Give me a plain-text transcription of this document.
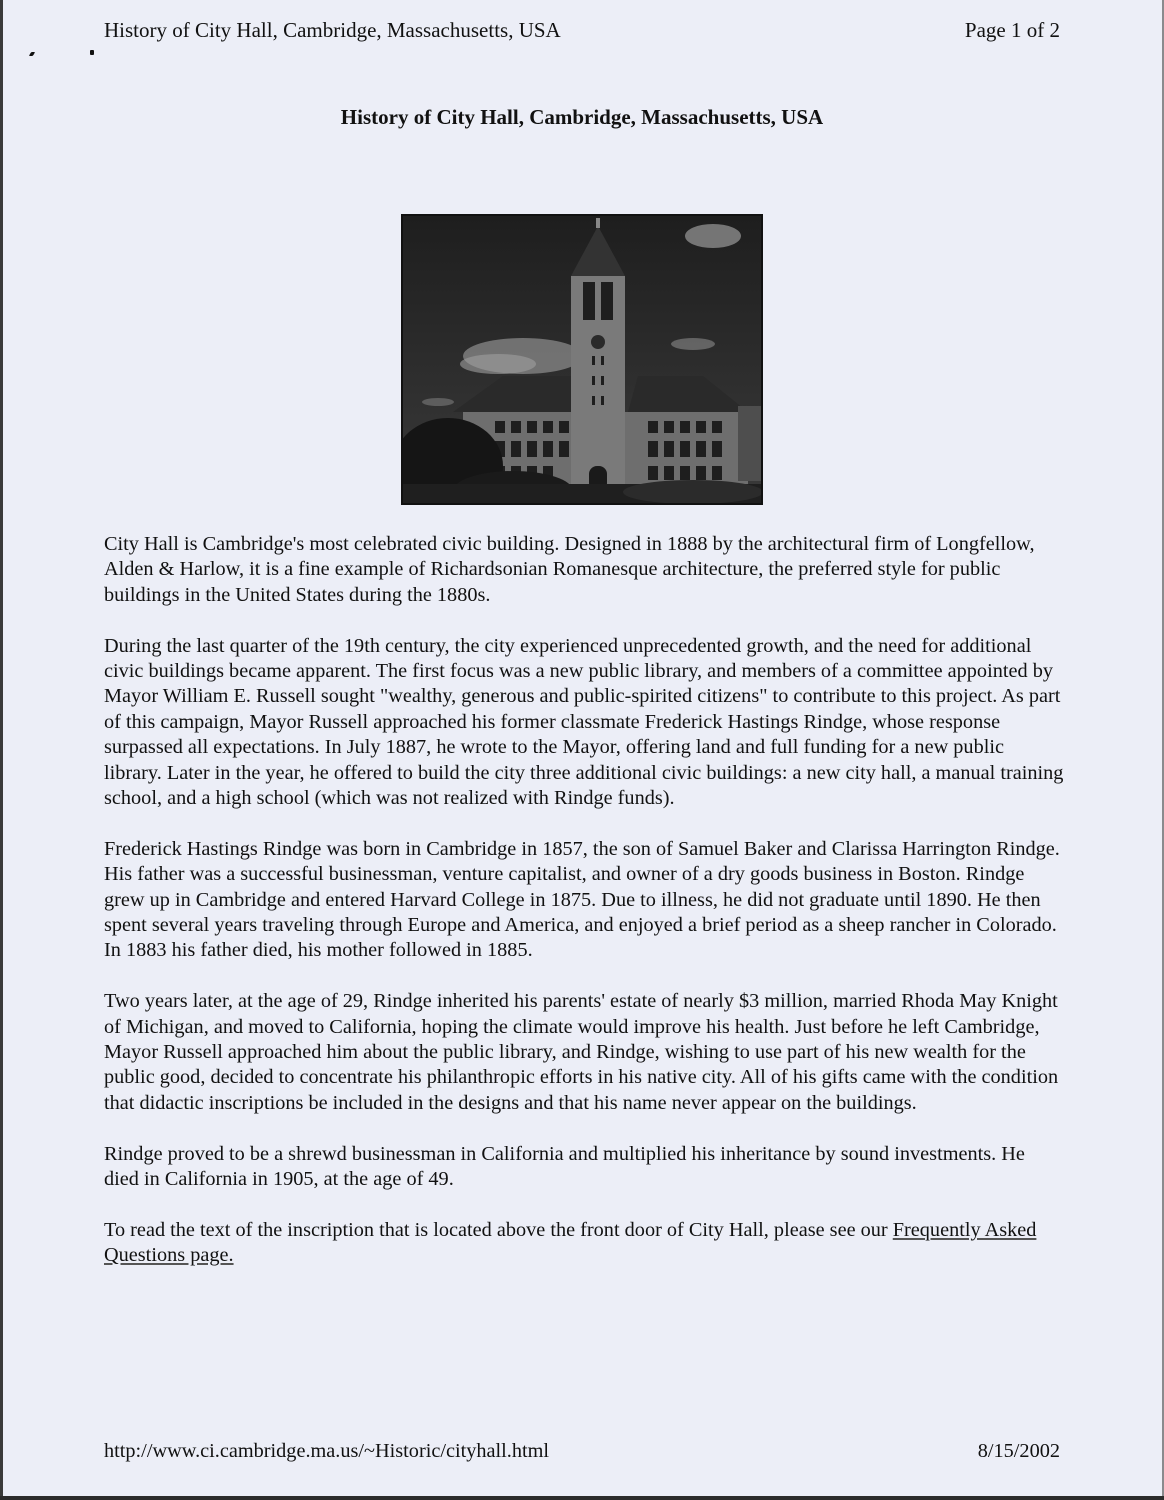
History of City Hall, Cambridge, Massachusetts, USA	Page 1 of 2
History of City Hall, Cambridge, Massachusetts, USA

City Hall is Cambridge's most celebrated civic building. Designed in 1888 by the architectural firm of Longfellow, Alden & Harlow, it is a fine example of Richardsonian Romanesque architecture, the preferred style for public buildings in the United States during the 1880s.

During the last quarter of the 19th century, the city experienced unprecedented growth, and the need for additional civic buildings became apparent. The first focus was a new public library, and members of a committee appointed by Mayor William E. Russell sought "wealthy, generous and public-spirited citizens" to contribute to this project. As part of this campaign, Mayor Russell approached his former classmate Frederick Hastings Rindge, whose response surpassed all expectations. In July 1887, he wrote to the Mayor, offering land and full funding for a new public library. Later in the year, he offered to build the city three additional civic buildings: a new city hall, a manual training school, and a high school (which was not realized with Rindge funds).

Frederick Hastings Rindge was born in Cambridge in 1857, the son of Samuel Baker and Clarissa Harrington Rindge. His father was a successful businessman, venture capitalist, and owner of a dry goods business in Boston. Rindge grew up in Cambridge and entered Harvard College in 1875. Due to illness, he did not graduate until 1890. He then spent several years traveling through Europe and America, and enjoyed a brief period as a sheep rancher in Colorado. In 1883 his father died, his mother followed in 1885.

Two years later, at the age of 29, Rindge inherited his parents' estate of nearly $3 million, married Rhoda May Knight of Michigan, and moved to California, hoping the climate would improve his health. Just before he left Cambridge, Mayor Russell approached him about the public library, and Rindge, wishing to use part of his new wealth for the public good, decided to concentrate his philanthropic efforts in his native city. All of his gifts came with the condition that didactic inscriptions be included in the designs and that his name never appear on the buildings.

Rindge proved to be a shrewd businessman in California and multiplied his inheritance by sound investments. He died in California in 1905, at the age of 49.

To read the text of the inscription that is located above the front door of City Hall, please see our Frequently Asked Questions page.

http://www.ci.cambridge.ma.us/~Historic/cityhall.html	8/15/2002
